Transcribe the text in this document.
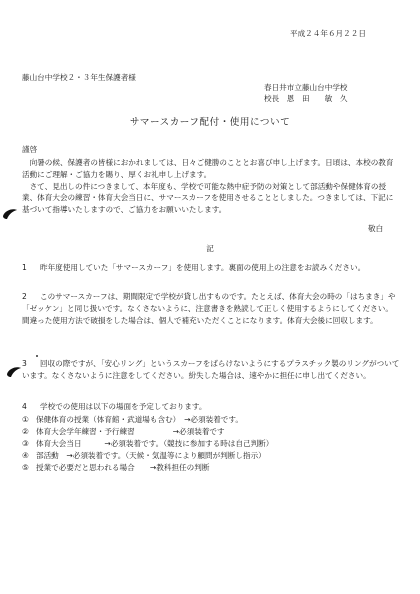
平成２４年６月２２日

藤山台中学校２・３年生保護者様

春日井市立藤山台中学校
校長　恩　田　　敏　久
サマースカーフ配付・使用について

謹啓

　向暑の候、保護者の皆様におかれましては、日々ご健勝のこととお喜び申し上げます。日頃は、本校の教育活動にご理解・ご協力を賜り、厚くお礼申し上げます。
　さて、見出しの件につきまして、本年度も、学校で可能な熱中症予防の対策として部活動や保健体育の授業、体育大会の練習・体育大会当日に、サマースカーフを使用させることとしました。つきましては、下記に基づいて指導いたしますので、ご協力をお願いいたします。

敬白

記

1 昨年度使用していた「サマースカーフ」を使用します。裏面の使用上の注意をお読みください。
2 このサマースカーフは、期間限定で学校が貸し出すものです。たとえば、体育大会の時の「はちまき」や「ゼッケン」と同じ扱いです。なくさないように、注意書きを熟読して正しく使用するようにしてください。間違った使用方法で破損をした場合は、個人で補充いただくことになります。体育大会後に回収します。
3 回収の際ですが、「安心リング」というスカーフをばらけないようにするプラスチック製のリングがついています。なくさないように注意をしてください。紛失した場合は、速やかに担任に申し出てください。
4 学校での使用は以下の場面を予定しております。
① 保健体育の授業（体育館・武道場も含む）　→必須装着です。
② 体育大会学年練習・予行練習　　　　　→必須装着です
③ 体育大会当日　　　→必須装着です。（競技に参加する時は自己判断）
④ 部活動　→必須装着です。（天候・気温等により顧問が判断し指示）
⑤ 授業で必要だと思われる場合　　→教科担任の判断
